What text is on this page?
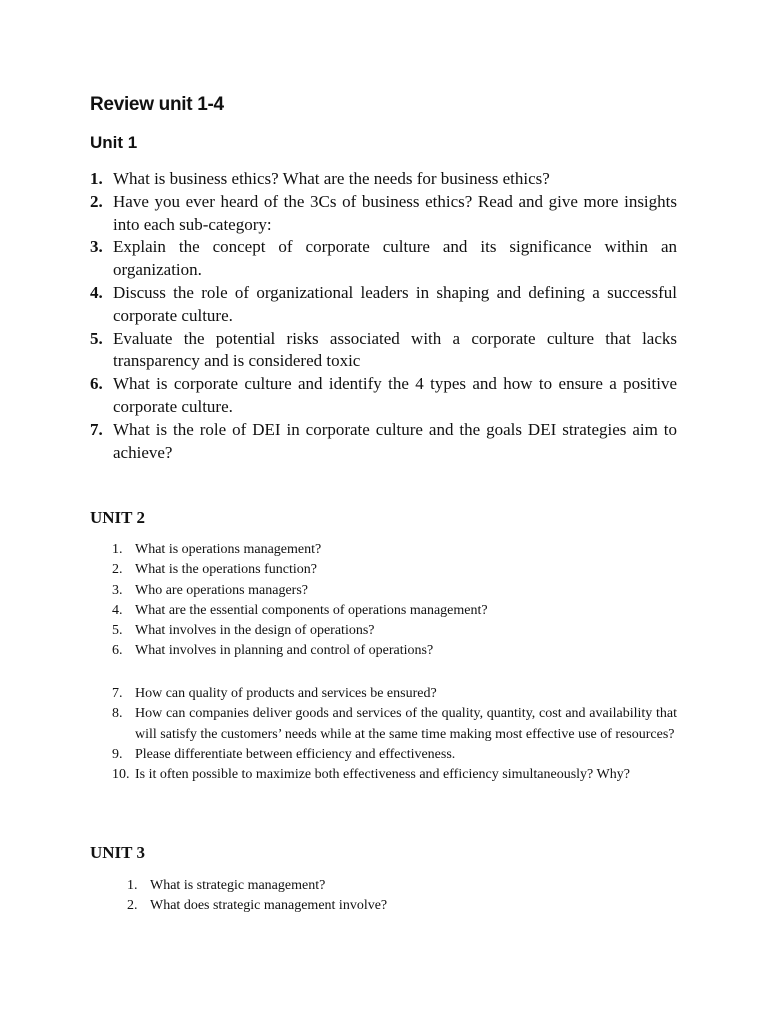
Review unit 1-4
Unit 1
1. What is business ethics? What are the needs for business ethics?
2. Have you ever heard of the 3Cs of business ethics? Read and give more insights into each sub-category:
3. Explain the concept of corporate culture and its significance within an organization.
4. Discuss the role of organizational leaders in shaping and defining a successful corporate culture.
5. Evaluate the potential risks associated with a corporate culture that lacks transparency and is considered toxic
6. What is corporate culture and identify the 4 types and how to ensure a positive corporate culture.
7. What is the role of DEI in corporate culture and the goals DEI strategies aim to achieve?
UNIT 2
1. What is operations management?
2. What is the operations function?
3. Who are operations managers?
4. What are the essential components of operations management?
5. What involves in the design of operations?
6. What involves in planning and control of operations?
7. How can quality of products and services be ensured?
8. How can companies deliver goods and services of the quality, quantity, cost and availability that will satisfy the customers’ needs while at the same time making most effective use of resources?
9. Please differentiate between efficiency and effectiveness.
10. Is it often possible to maximize both effectiveness and efficiency simultaneously? Why?
UNIT 3
1. What is strategic management?
2. What does strategic management involve?
